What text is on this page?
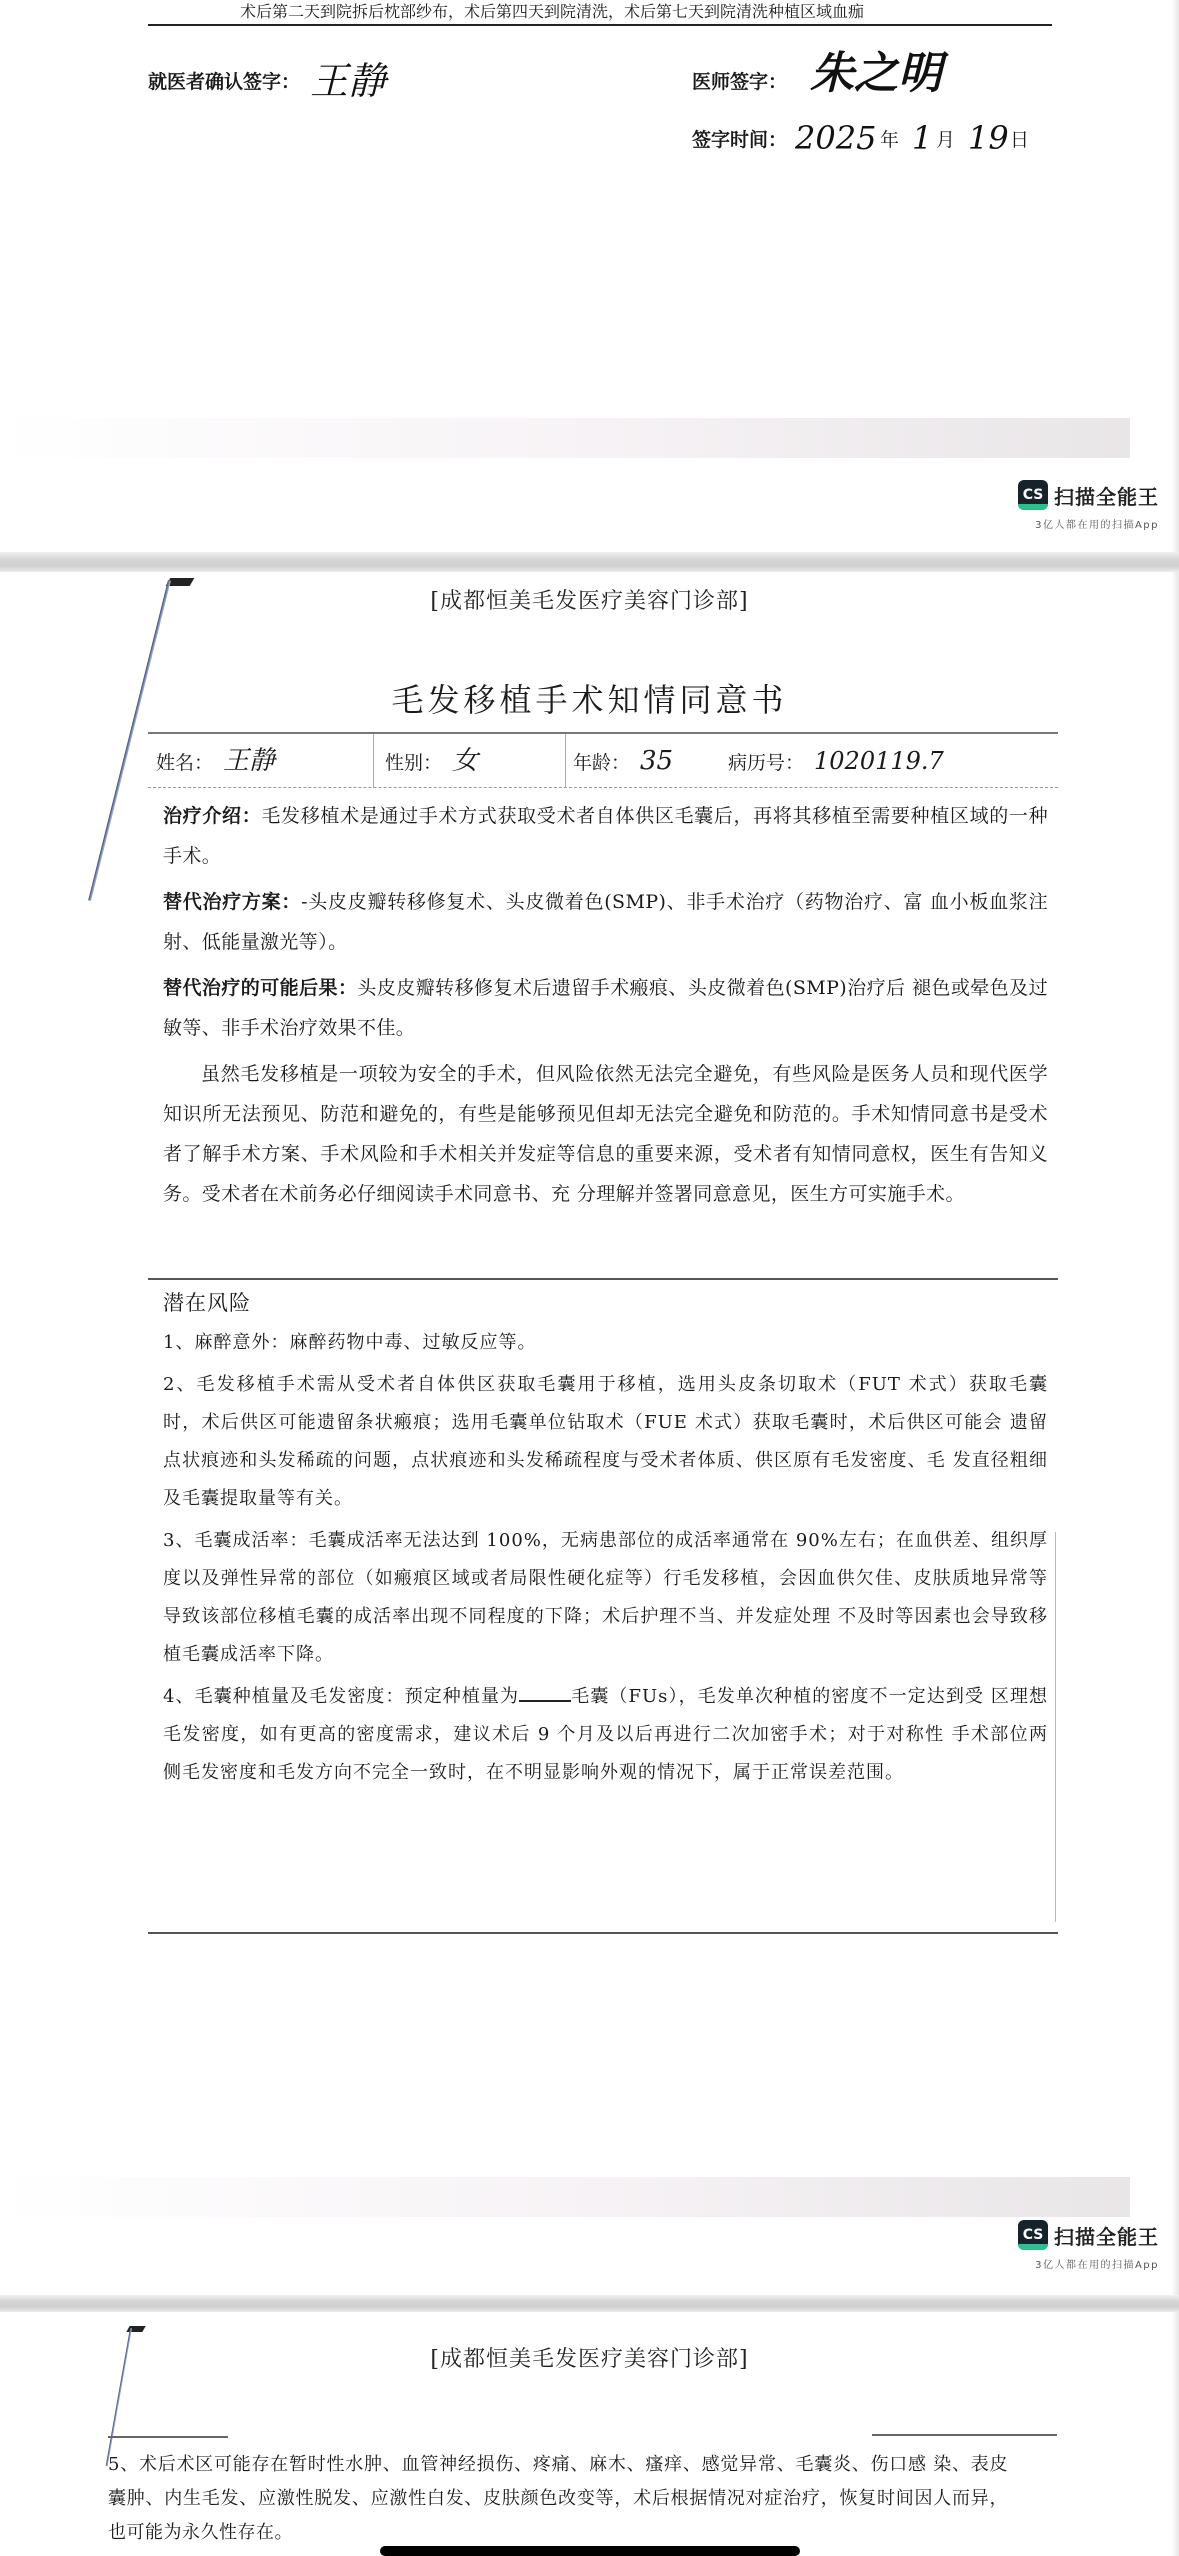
术后第二天到院拆后枕部纱布，术后第四天到院清洗，术后第七天到院清洗种植区域血痂
就医者确认签字： 王静	医师签字： 朱之明
签字时间： 2025 年 1 月 19 日
CS 扫描全能王
3亿人都在用的扫描App
[成都恒美毛发医疗美容门诊部]
毛发移植手术知情同意书
姓名： 王静	性别： 女	年龄： 35	病历号： 1020119.7

治疗介绍：毛发移植术是通过手术方式获取受术者自体供区毛囊后，再将其移植至需要种植区域的一种手术。

替代治疗方案：-头皮皮瓣转移修复术、头皮微着色(SMP)、非手术治疗（药物治疗、富 血小板血浆注射、低能量激光等）。

替代治疗的可能后果：头皮皮瓣转移修复术后遗留手术瘢痕、头皮微着色(SMP)治疗后 褪色或晕色及过敏等、非手术治疗效果不佳。

虽然毛发移植是一项较为安全的手术，但风险依然无法完全避免，有些风险是医务人员和现代医学知识所无法预见、防范和避免的，有些是能够预见但却无法完全避免和防范的。手术知情同意书是受术者了解手术方案、手术风险和手术相关并发症等信息的重要来源，受术者有知情同意权，医生有告知义务。受术者在术前务必仔细阅读手术同意书、充 分理解并签署同意意见，医生方可实施手术。

潜在风险
1、麻醉意外：麻醉药物中毒、过敏反应等。
2、毛发移植手术需从受术者自体供区获取毛囊用于移植，选用头皮条切取术（FUT 术式）获取毛囊 时，术后供区可能遗留条状瘢痕；选用毛囊单位钻取术（FUE 术式）获取毛囊时，术后供区可能会 遗留点状痕迹和头发稀疏的问题，点状痕迹和头发稀疏程度与受术者体质、供区原有毛发密度、毛 发直径粗细及毛囊提取量等有关。
3、毛囊成活率：毛囊成活率无法达到 100%，无病患部位的成活率通常在 90%左右；在血供差、组织厚度以及弹性异常的部位（如瘢痕区域或者局限性硬化症等）行毛发移植，会因血供欠佳、皮肤质地异常等导致该部位移植毛囊的成活率出现不同程度的下降；术后护理不当、并发症处理 不及时等因素也会导致移植毛囊成活率下降。
4、毛囊种植量及毛发密度：预定种植量为	毛囊（FUs），毛发单次种植的密度不一定达到受 区理想毛发密度，如有更高的密度需求，建议术后 9 个月及以后再进行二次加密手术；对于对称性 手术部位两侧毛发密度和毛发方向不完全一致时，在不明显影响外观的情况下，属于正常误差范围。
CS 扫描全能王
3亿人都在用的扫描App
[成都恒美毛发医疗美容门诊部]
5、术后术区可能存在暂时性水肿、血管神经损伤、疼痛、麻木、瘙痒、感觉异常、毛囊炎、伤口感 染、表皮囊肿、内生毛发、应激性脱发、应激性白发、皮肤颜色改变等，术后根据情况对症治疗，恢复时间因人而异，也可能为永久性存在。
